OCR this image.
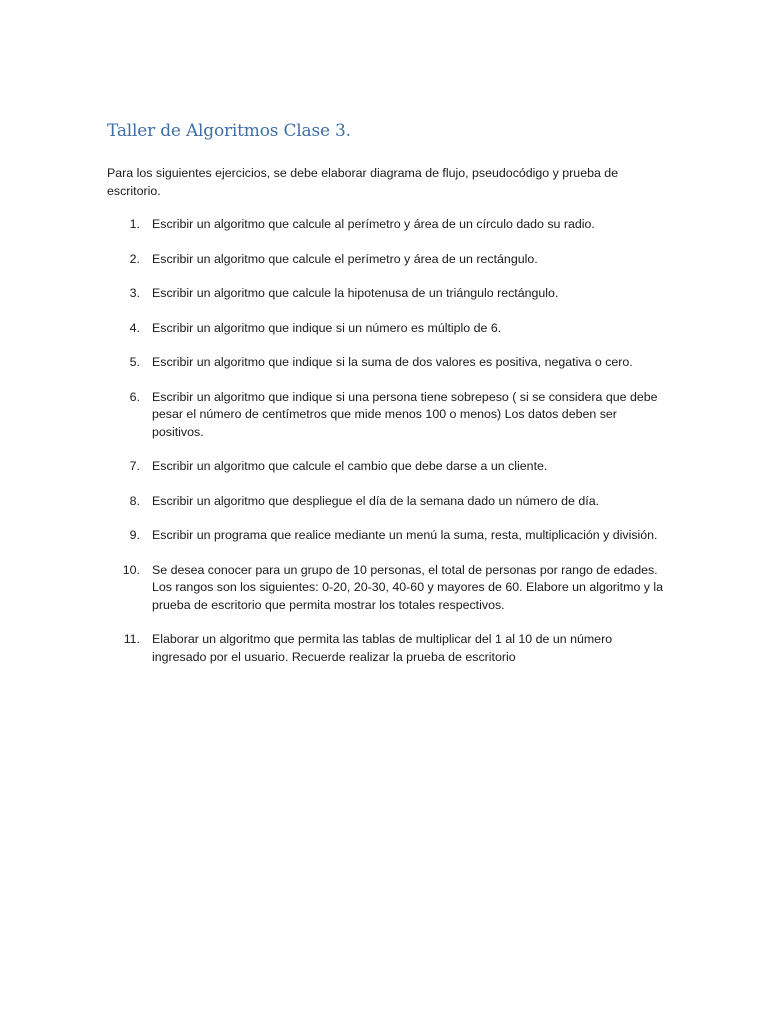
Taller de Algoritmos Clase 3.

Para los siguientes ejercicios, se debe elaborar diagrama de flujo, pseudocódigo y prueba de escritorio.

1. Escribir un algoritmo que calcule al perímetro y área de un círculo dado su radio.
2. Escribir un algoritmo que calcule el perímetro y área de un rectángulo.
3. Escribir un algoritmo que calcule la hipotenusa de un triángulo rectángulo.
4. Escribir un algoritmo que indique si un número es múltiplo de 6.
5. Escribir un algoritmo que indique si la suma de dos valores es positiva, negativa o cero.
6. Escribir un algoritmo que indique si una persona tiene sobrepeso ( si se considera que debe pesar el número de centímetros que mide menos 100 o menos) Los datos deben ser positivos.
7. Escribir un algoritmo que calcule el cambio que debe darse a un cliente.
8. Escribir un algoritmo que despliegue el día de la semana dado un número de día.
9. Escribir un programa que realice mediante un menú la suma, resta, multiplicación y división.
10. Se desea conocer para un grupo de 10 personas, el total de personas por rango de edades. Los rangos son los siguientes: 0-20, 20-30, 40-60 y mayores de 60. Elabore un algoritmo y la prueba de escritorio que permita mostrar los totales respectivos.
11. Elaborar un algoritmo que permita las tablas de multiplicar del 1 al 10 de un número ingresado por el usuario. Recuerde realizar la prueba de escritorio
